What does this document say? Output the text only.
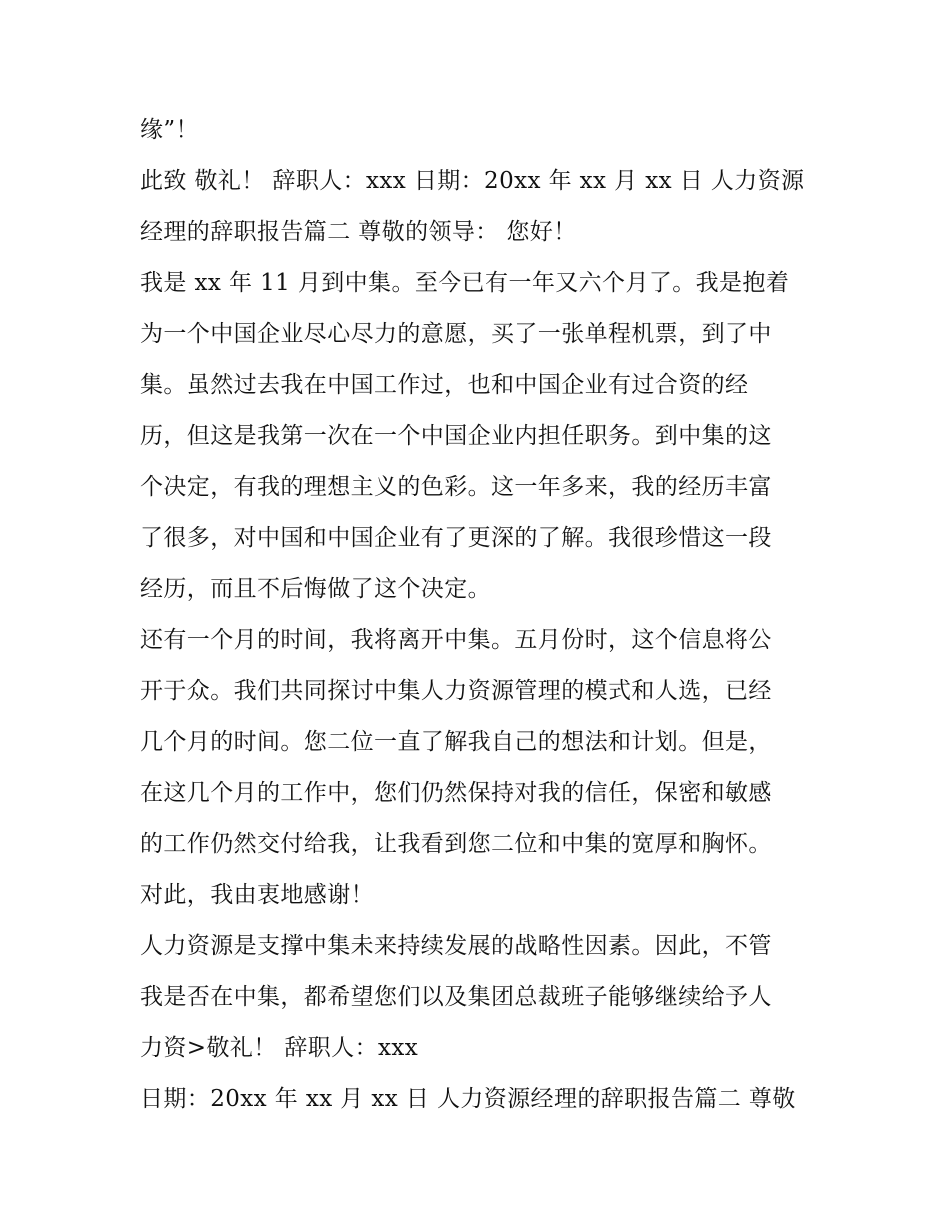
缘”！
此致 敬礼！ 辞职人：xxx 日期：20xx 年 xx 月 xx 日 人力资源
经理的辞职报告篇二 尊敬的领导： 您好！
我是 xx 年 11 月到中集。至今已有一年又六个月了。我是抱着
为一个中国企业尽心尽力的意愿，买了一张单程机票，到了中
集。虽然过去我在中国工作过，也和中国企业有过合资的经
历，但这是我第一次在一个中国企业内担任职务。到中集的这
个决定，有我的理想主义的色彩。这一年多来，我的经历丰富
了很多，对中国和中国企业有了更深的了解。我很珍惜这一段
经历，而且不后悔做了这个决定。
还有一个月的时间，我将离开中集。五月份时，这个信息将公
开于众。我们共同探讨中集人力资源管理的模式和人选，已经
几个月的时间。您二位一直了解我自己的想法和计划。但是，
在这几个月的工作中，您们仍然保持对我的信任，保密和敏感
的工作仍然交付给我，让我看到您二位和中集的宽厚和胸怀。
对此，我由衷地感谢！
人力资源是支撑中集未来持续发展的战略性因素。因此，不管
我是否在中集，都希望您们以及集团总裁班子能够继续给予人
力资>敬礼！ 辞职人：xxx
日期：20xx 年 xx 月 xx 日 人力资源经理的辞职报告篇二 尊敬
